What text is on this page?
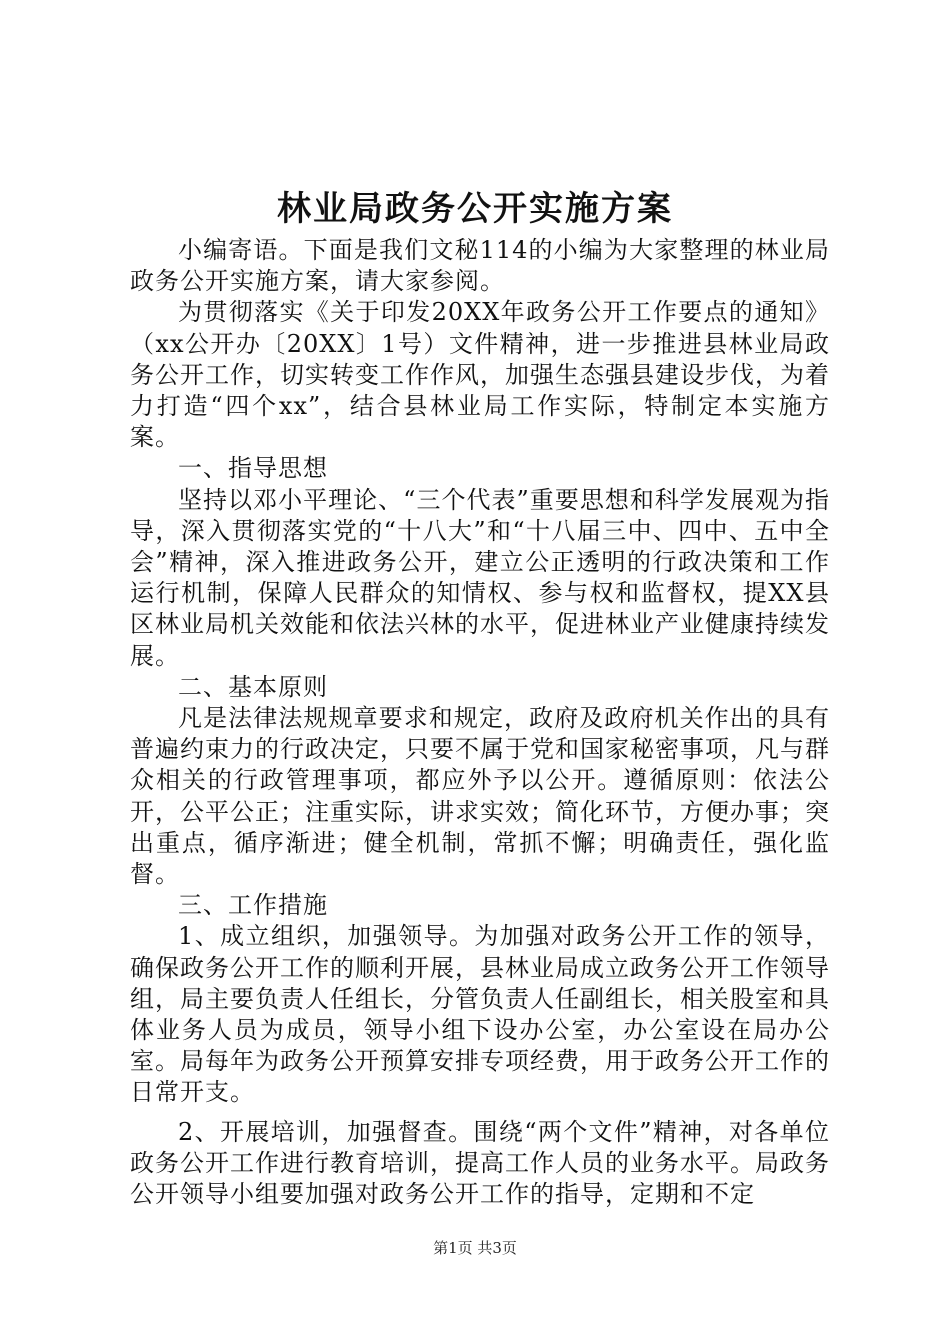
林业局政务公开实施方案

小编寄语。下面是我们文秘114的小编为大家整理的林业局政务公开实施方案，请大家参阅。

为贯彻落实《关于印发20XX年政务公开工作要点的通知》（xx公开办〔20XX〕1号）文件精神，进一步推进县林业局政务公开工作，切实转变工作作风，加强生态强县建设步伐，为着力打造“四个xx”，结合县林业局工作实际，特制定本实施方案。

一、指导思想

坚持以邓小平理论、“三个代表”重要思想和科学发展观为指导，深入贯彻落实党的“十八大”和“十八届三中、四中、五中全会”精神，深入推进政务公开，建立公正透明的行政决策和工作运行机制，保障人民群众的知情权、参与权和监督权，提XX县区林业局机关效能和依法兴林的水平，促进林业产业健康持续发展。

二、基本原则

凡是法律法规规章要求和规定，政府及政府机关作出的具有普遍约束力的行政决定，只要不属于党和国家秘密事项，凡与群众相关的行政管理事项，都应外予以公开。遵循原则：依法公开，公平公正；注重实际，讲求实效；简化环节，方便办事；突出重点，循序渐进；健全机制，常抓不懈；明确责任，强化监督。

三、工作措施

1、成立组织，加强领导。为加强对政务公开工作的领导，确保政务公开工作的顺利开展，县林业局成立政务公开工作领导组，局主要负责人任组长，分管负责人任副组长，相关股室和具体业务人员为成员，领导小组下设办公室，办公室设在局办公室。局每年为政务公开预算安排专项经费，用于政务公开工作的日常开支。

2、开展培训，加强督查。围绕“两个文件”精神，对各单位政务公开工作进行教育培训，提高工作人员的业务水平。局政务公开领导小组要加强对政务公开工作的指导，定期和不定

第1页 共3页
